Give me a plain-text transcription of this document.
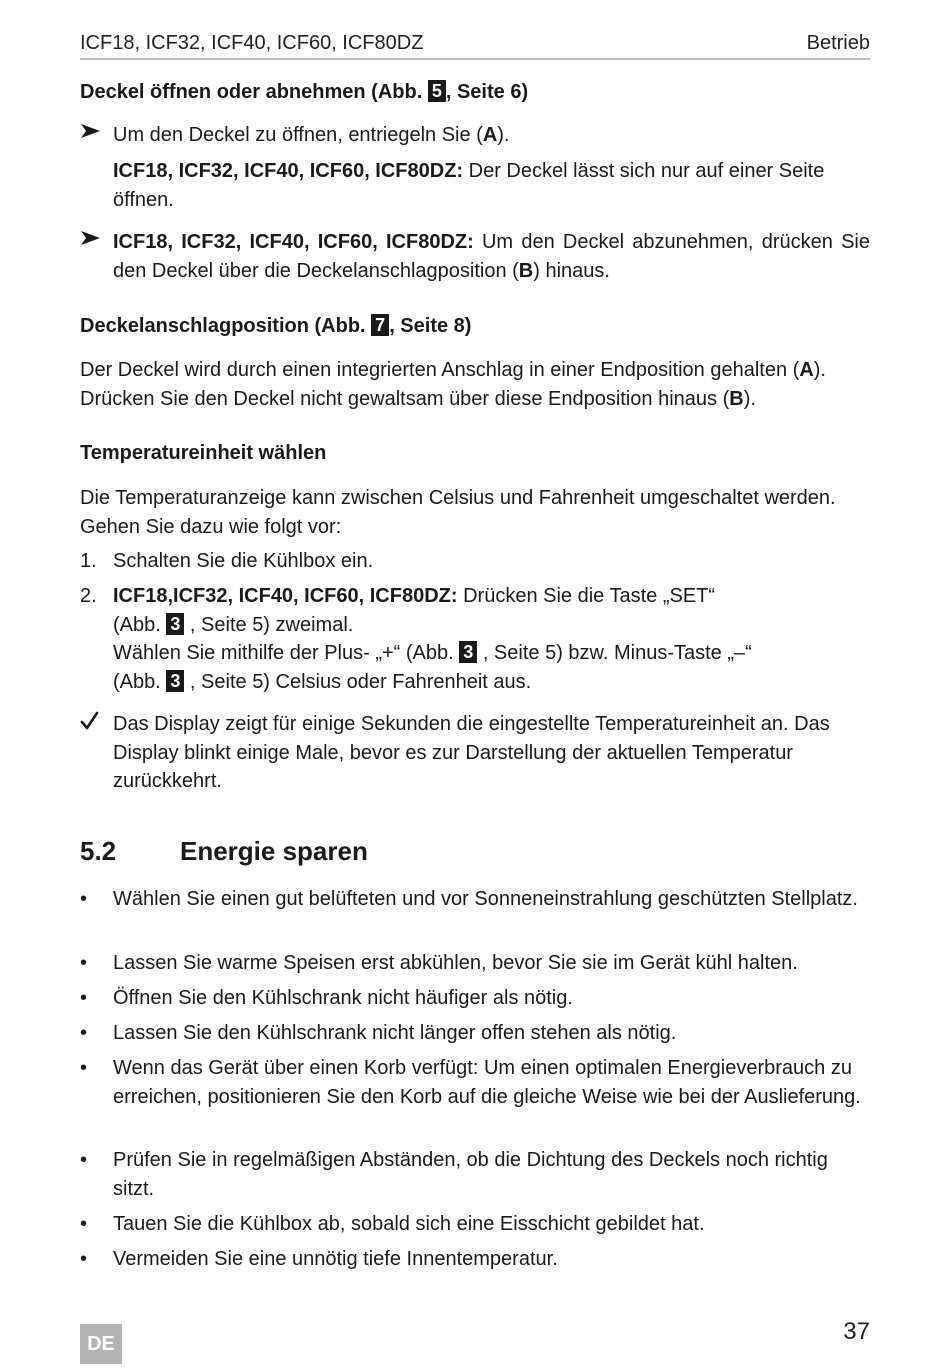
ICF18, ICF32, ICF40, ICF60, ICF80DZ	Betrieb
Deckel öffnen oder abnehmen (Abb. 5 , Seite 6)
Um den Deckel zu öffnen, entriegeln Sie (A).
ICF18, ICF32, ICF40, ICF60, ICF80DZ: Der Deckel lässt sich nur auf einer Seite öffnen.
ICF18, ICF32, ICF40, ICF60, ICF80DZ: Um den Deckel abzunehmen, drücken Sie den Deckel über die Deckelanschlagposition (B) hinaus.
Deckelanschlagposition (Abb. 7 , Seite 8)
Der Deckel wird durch einen integrierten Anschlag in einer Endposition gehalten (A). Drücken Sie den Deckel nicht gewaltsam über diese Endposition hinaus (B).
Temperatureinheit wählen
Die Temperaturanzeige kann zwischen Celsius und Fahrenheit umgeschaltet werden. Gehen Sie dazu wie folgt vor:
1. Schalten Sie die Kühlbox ein.
2. ICF18,ICF32, ICF40, ICF60, ICF80DZ: Drücken Sie die Taste „SET“
(Abb. 3 , Seite 5) zweimal.
Wählen Sie mithilfe der Plus- „+“ (Abb. 3 , Seite 5) bzw. Minus-Taste „–“
(Abb. 3 , Seite 5) Celsius oder Fahrenheit aus.
Das Display zeigt für einige Sekunden die eingestellte Temperatureinheit an. Das Display blinkt einige Male, bevor es zur Darstellung der aktuellen Temperatur zurückkehrt.
5.2 Energie sparen
•	Wählen Sie einen gut belüfteten und vor Sonneneinstrahlung geschützten Stellplatz.
•	Lassen Sie warme Speisen erst abkühlen, bevor Sie sie im Gerät kühl halten.
•	Öffnen Sie den Kühlschrank nicht häufiger als nötig.
•	Lassen Sie den Kühlschrank nicht länger offen stehen als nötig.
•	Wenn das Gerät über einen Korb verfügt: Um einen optimalen Energieverbrauch zu erreichen, positionieren Sie den Korb auf die gleiche Weise wie bei der Auslieferung.
•	Prüfen Sie in regelmäßigen Abständen, ob die Dichtung des Deckels noch richtig sitzt.
•	Tauen Sie die Kühlbox ab, sobald sich eine Eisschicht gebildet hat.
•	Vermeiden Sie eine unnötig tiefe Innentemperatur.
DE	37
